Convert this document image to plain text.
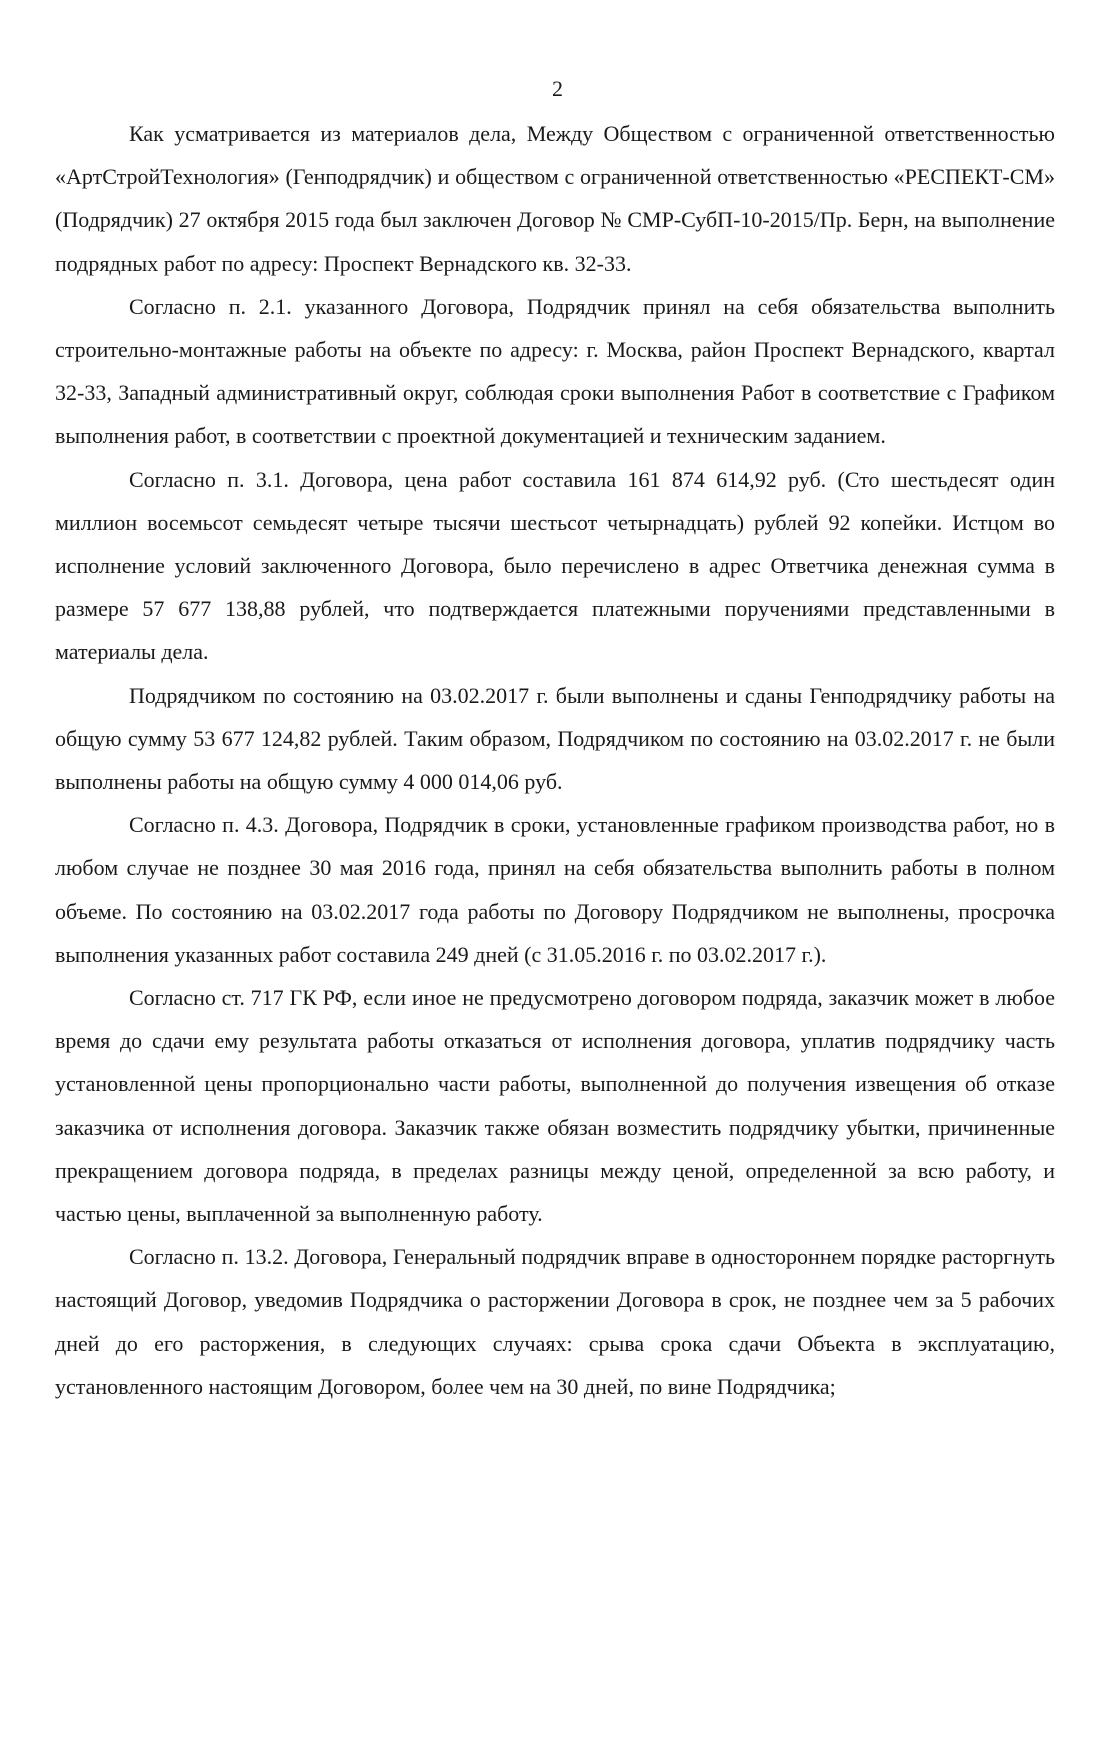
2

Как усматривается из материалов дела, Между Обществом с ограниченной ответственностью «АртСтройТехнология» (Генподрядчик) и обществом с ограниченной ответственностью «РЕСПЕКТ-СМ» (Подрядчик) 27 октября 2015 года был заключен Договор № СМР-СубП-10-2015/Пр. Берн, на выполнение подрядных работ по адресу: Проспект Вернадского кв. 32-33.

Согласно п. 2.1. указанного Договора, Подрядчик принял на себя обязательства выполнить строительно-монтажные работы на объекте по адресу: г. Москва, район Проспект Вернадского, квартал 32-33, Западный административный округ, соблюдая сроки выполнения Работ в соответствие с Графиком выполнения работ, в соответствии с проектной документацией и техническим заданием.

Согласно п. 3.1. Договора, цена работ составила 161 874 614,92 руб. (Сто шестьдесят один миллион восемьсот семьдесят четыре тысячи шестьсот четырнадцать) рублей 92 копейки. Истцом во исполнение условий заключенного Договора, было перечислено в адрес Ответчика денежная сумма в размере 57 677 138,88 рублей, что подтверждается платежными поручениями представленными в материалы дела.

Подрядчиком по состоянию на 03.02.2017 г. были выполнены и сданы Генподрядчику работы на общую сумму 53 677 124,82 рублей. Таким образом, Подрядчиком по состоянию на 03.02.2017 г. не были выполнены работы на общую сумму 4 000 014,06 руб.

Согласно п. 4.3. Договора, Подрядчик в сроки, установленные графиком производства работ, но в любом случае не позднее 30 мая 2016 года, принял на себя обязательства выполнить работы в полном объеме. По состоянию на 03.02.2017 года работы по Договору Подрядчиком не выполнены, просрочка выполнения указанных работ составила 249 дней (с 31.05.2016 г. по 03.02.2017 г.).

Согласно ст. 717 ГК РФ, если иное не предусмотрено договором подряда, заказчик может в любое время до сдачи ему результата работы отказаться от исполнения договора, уплатив подрядчику часть установленной цены пропорционально части работы, выполненной до получения извещения об отказе заказчика от исполнения договора. Заказчик также обязан возместить подрядчику убытки, причиненные прекращением договора подряда, в пределах разницы между ценой, определенной за всю работу, и частью цены, выплаченной за выполненную работу.

Согласно п. 13.2. Договора, Генеральный подрядчик вправе в одностороннем порядке расторгнуть настоящий Договор, уведомив Подрядчика о расторжении Договора в срок, не позднее чем за 5 рабочих дней до его расторжения, в следующих случаях: срыва срока сдачи Объекта в эксплуатацию, установленного настоящим Договором, более чем на 30 дней, по вине Подрядчика;
